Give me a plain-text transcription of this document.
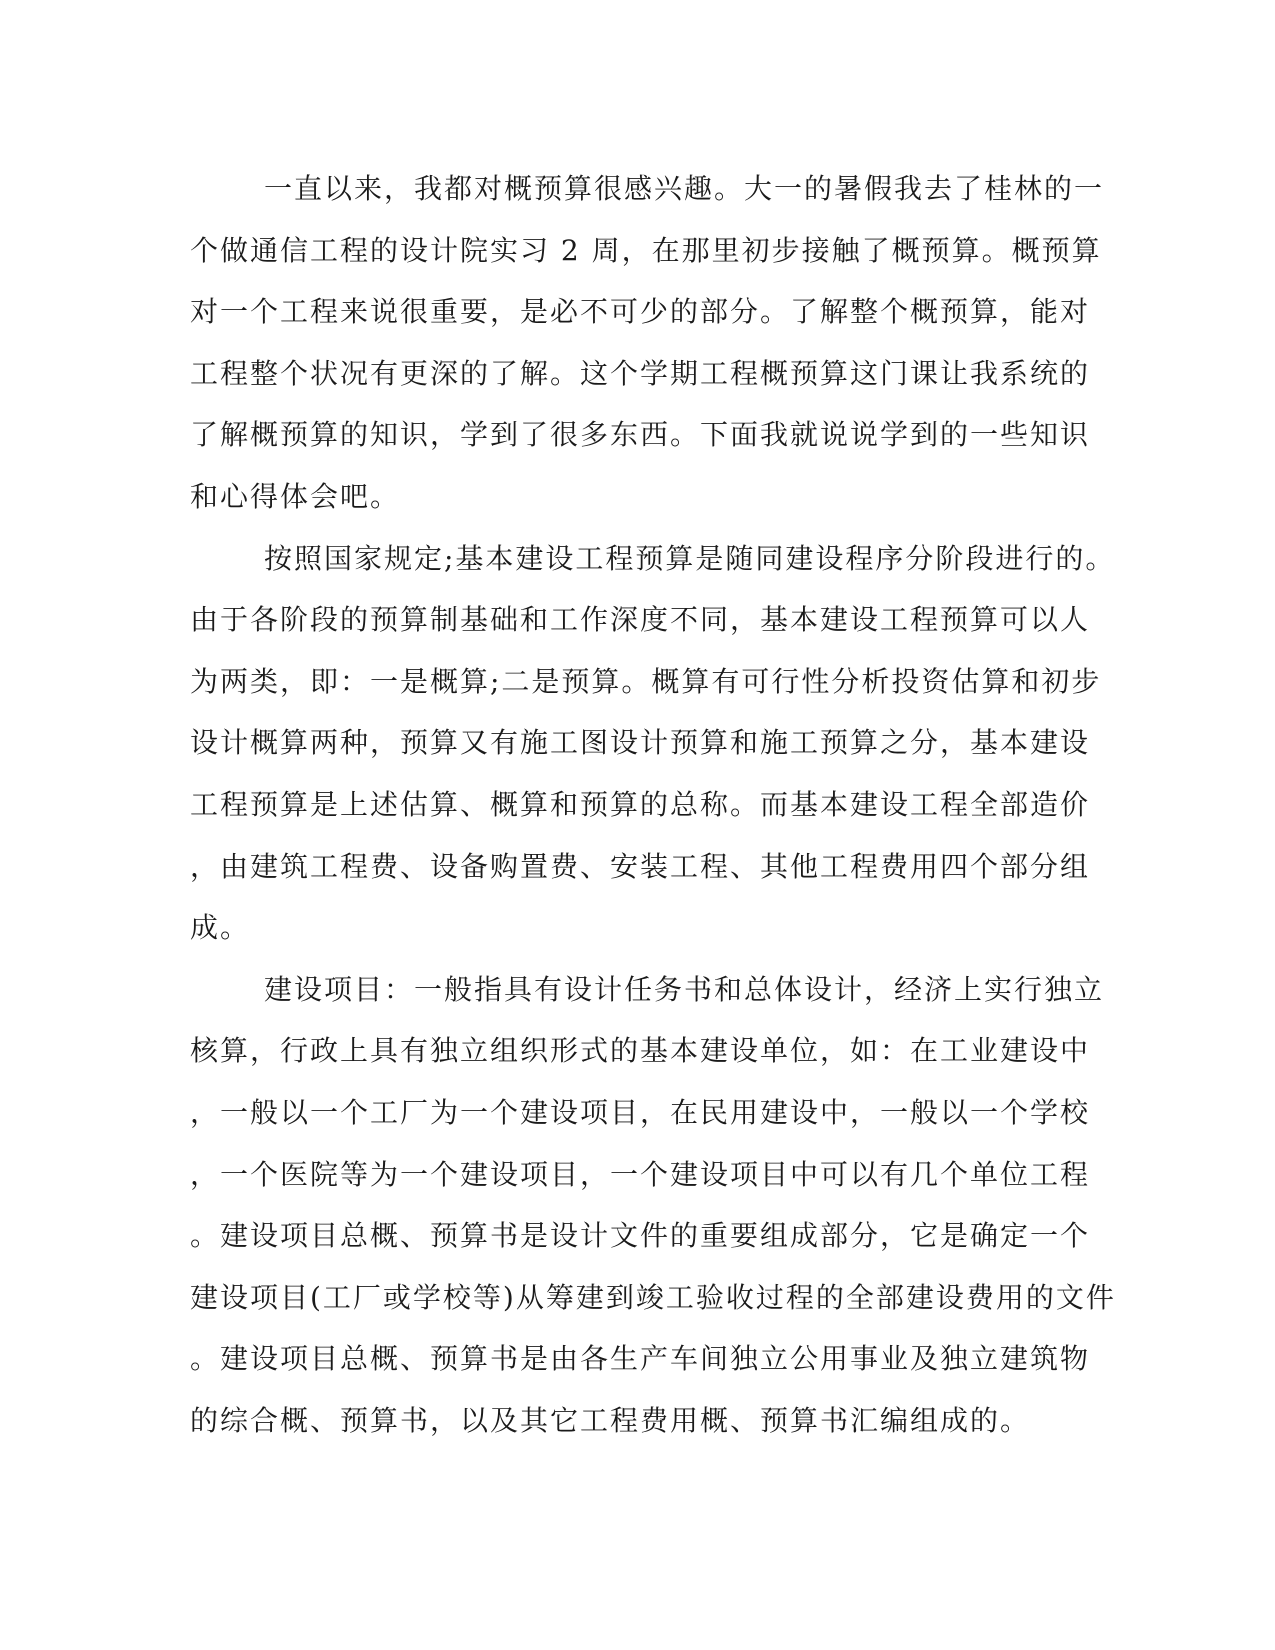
一直以来，我都对概预算很感兴趣。大一的暑假我去了桂林的一
个做通信工程的设计院实习 2 周，在那里初步接触了概预算。概预算
对一个工程来说很重要，是必不可少的部分。了解整个概预算，能对
工程整个状况有更深的了解。这个学期工程概预算这门课让我系统的
了解概预算的知识，学到了很多东西。下面我就说说学到的一些知识
和心得体会吧。
按照国家规定;基本建设工程预算是随同建设程序分阶段进行的。
由于各阶段的预算制基础和工作深度不同，基本建设工程预算可以人
为两类，即：一是概算;二是预算。概算有可行性分析投资估算和初步
设计概算两种，预算又有施工图设计预算和施工预算之分，基本建设
工程预算是上述估算、概算和预算的总称。而基本建设工程全部造价
，由建筑工程费、设备购置费、安装工程、其他工程费用四个部分组
成。
建设项目：一般指具有设计任务书和总体设计，经济上实行独立
核算，行政上具有独立组织形式的基本建设单位，如：在工业建设中
，一般以一个工厂为一个建设项目，在民用建设中，一般以一个学校
，一个医院等为一个建设项目，一个建设项目中可以有几个单位工程
。建设项目总概、预算书是设计文件的重要组成部分，它是确定一个
建设项目(工厂或学校等)从筹建到竣工验收过程的全部建设费用的文件
。建设项目总概、预算书是由各生产车间独立公用事业及独立建筑物
的综合概、预算书，以及其它工程费用概、预算书汇编组成的。
